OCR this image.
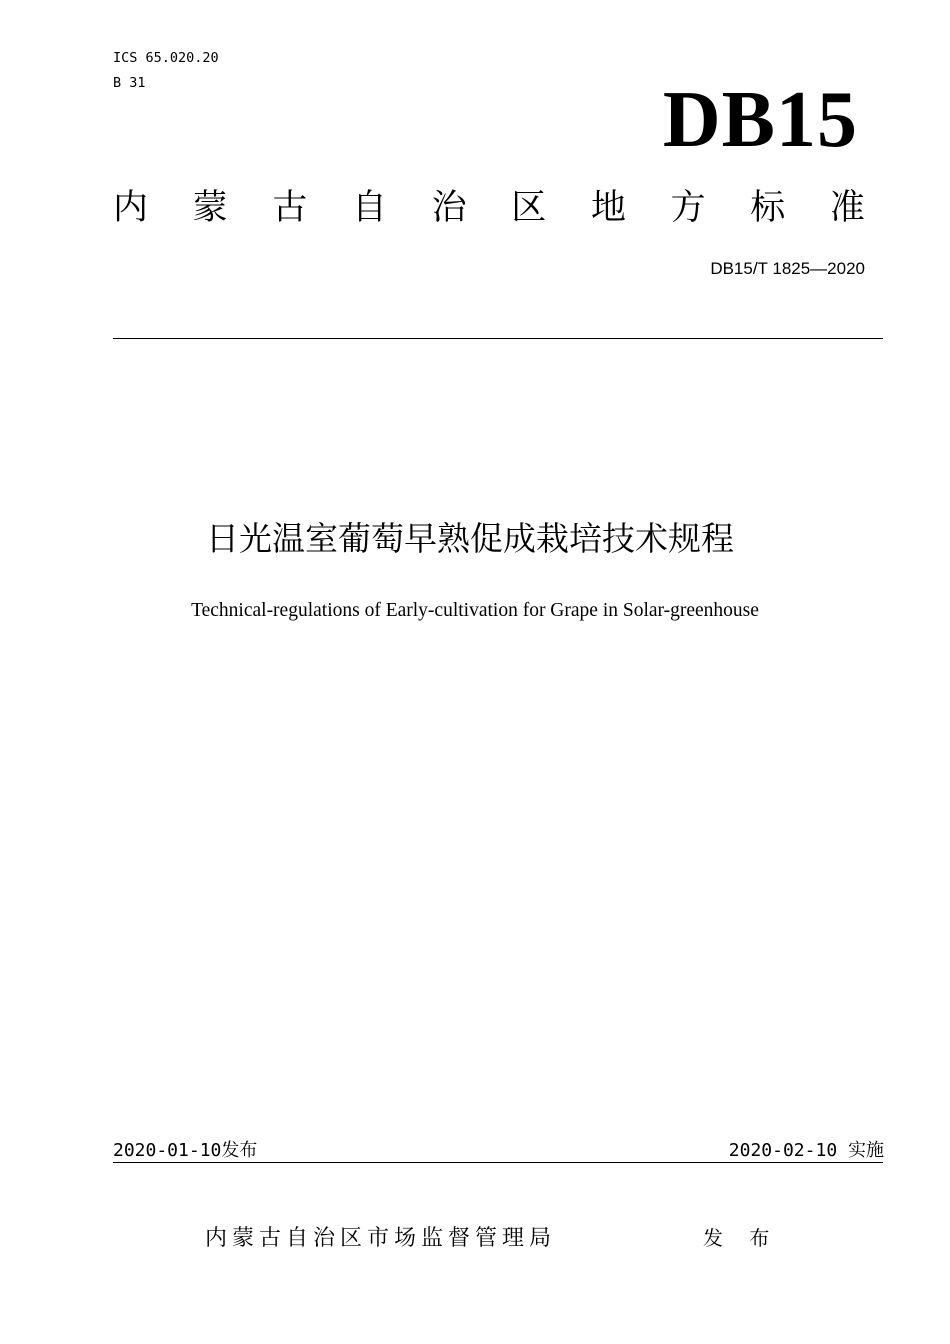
ICS 65.020.20
B 31	DB15
内 蒙 古 自 治 区 地 方 标 准
DB15/T 1825—2020
日光温室葡萄早熟促成栽培技术规程
Technical-regulations of Early-cultivation for Grape in Solar-greenhouse
2020-01-10发布	2020-02-10 实施
内蒙古自治区市场监督管理局	发 布
